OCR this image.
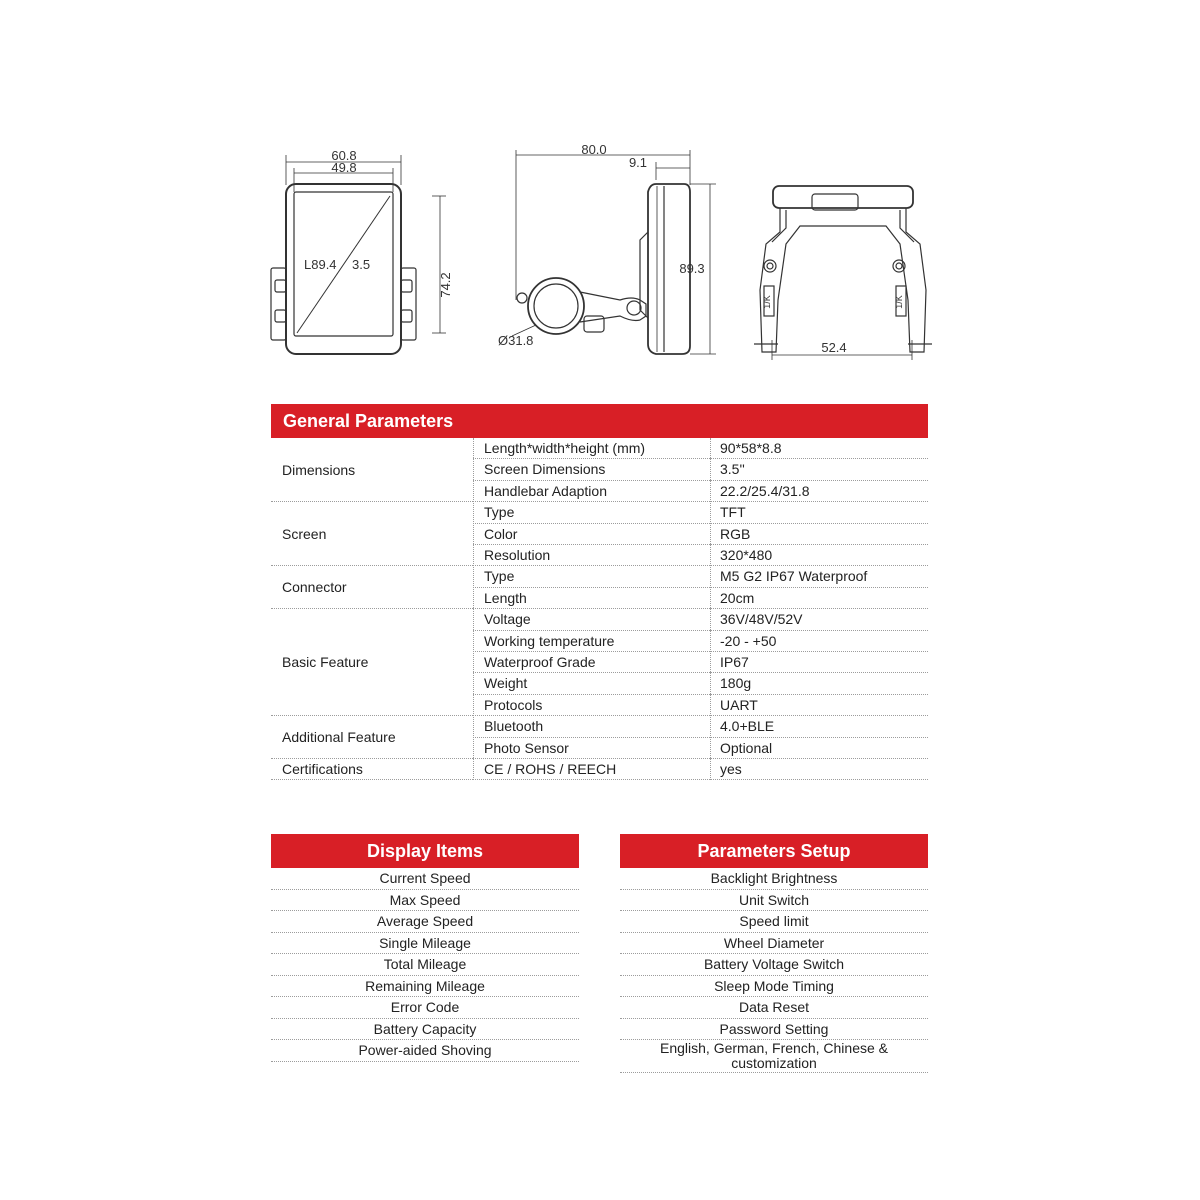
60.8
49.8
L89.4 3.5
74.2
80.0
9.1
89.3
Ø31.8	52.4
1/K	1/K
General Parameters
Dimensions
Length*width*height (mm)	90*58*8.8
Screen Dimensions	3.5''
Handlebar Adaption	22.2/25.4/31.8
Screen
Type	TFT
Color	RGB
Resolution	320*480
Connector
Type	M5 G2 IP67 Waterproof
Length	20cm
Basic Feature
Voltage	36V/48V/52V
Working temperature	-20 - +50
Waterproof Grade	IP67
Weight	180g
Protocols	UART
Additional Feature
Bluetooth	4.0+BLE
Photo Sensor	Optional
Certifications	CE / ROHS / REECH	yes
Display Items
Current Speed
Max Speed
Average Speed
Single Mileage
Total Mileage
Remaining Mileage
Error Code
Battery Capacity
Power-aided Shoving
Parameters Setup
Backlight Brightness
Unit Switch
Speed limit
Wheel Diameter
Battery Voltage Switch
Sleep Mode Timing
Data Reset
Password Setting
English, German, French, Chinese &
customization
